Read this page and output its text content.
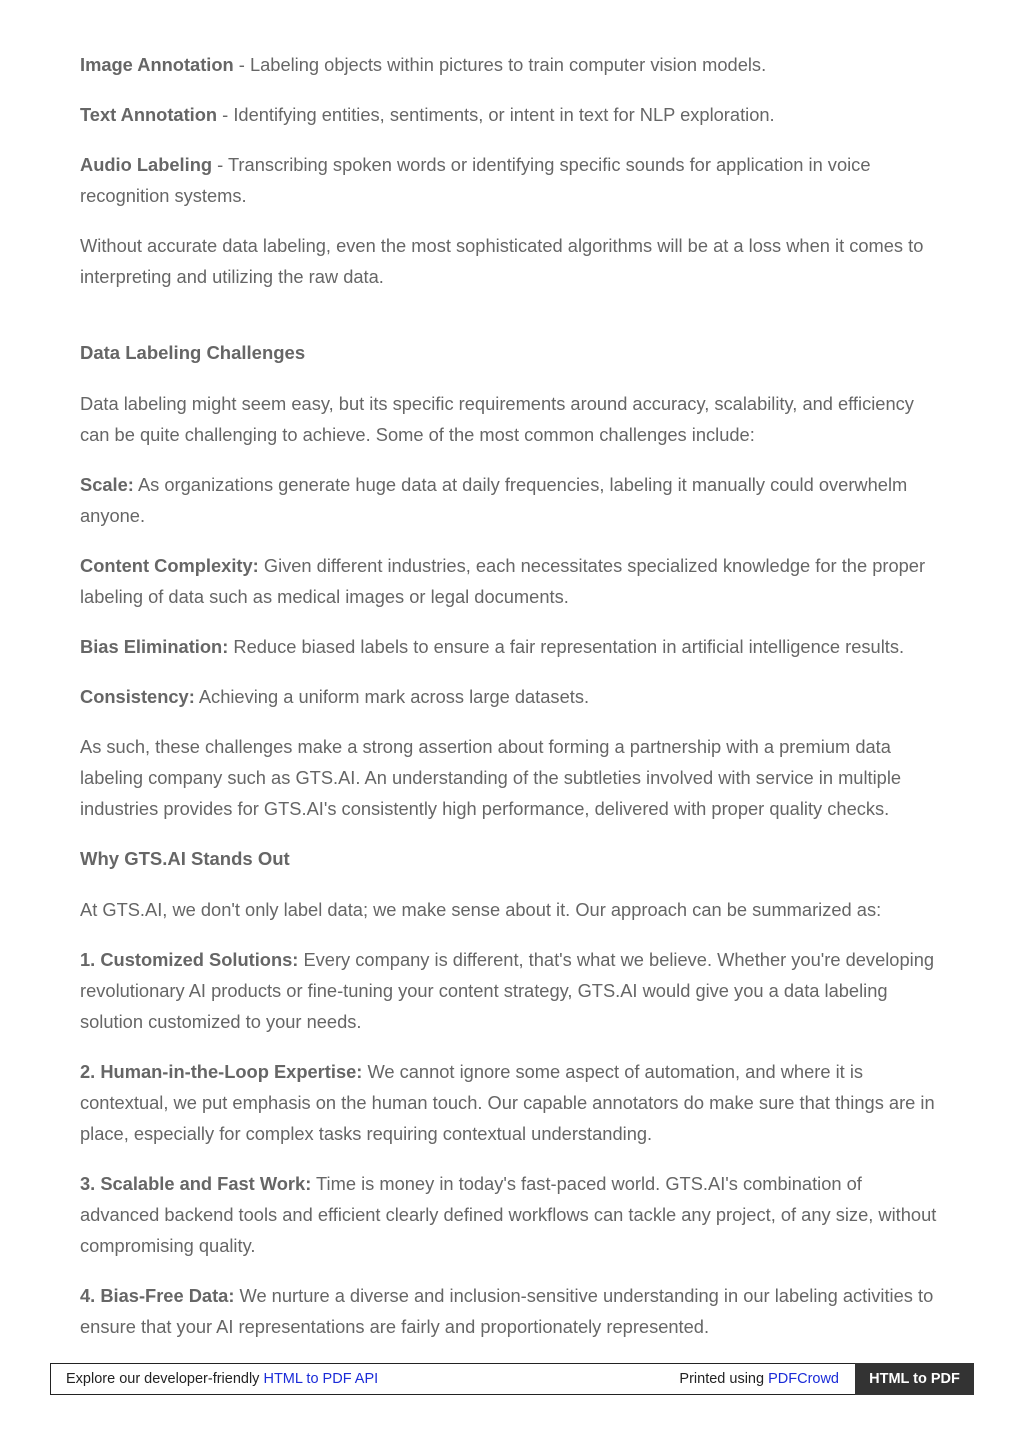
Image Annotation - Labeling objects within pictures to train computer vision models.

Text Annotation - Identifying entities, sentiments, or intent in text for NLP exploration.

Audio Labeling - Transcribing spoken words or identifying specific sounds for application in voice recognition systems.

Without accurate data labeling, even the most sophisticated algorithms will be at a loss when it comes to interpreting and utilizing the raw data.

Data Labeling Challenges

Data labeling might seem easy, but its specific requirements around accuracy, scalability, and efficiency can be quite challenging to achieve. Some of the most common challenges include:

Scale: As organizations generate huge data at daily frequencies, labeling it manually could overwhelm anyone.

Content Complexity: Given different industries, each necessitates specialized knowledge for the proper labeling of data such as medical images or legal documents.

Bias Elimination: Reduce biased labels to ensure a fair representation in artificial intelligence results.

Consistency: Achieving a uniform mark across large datasets.

As such, these challenges make a strong assertion about forming a partnership with a premium data labeling company such as GTS.AI. An understanding of the subtleties involved with service in multiple industries provides for GTS.AI's consistently high performance, delivered with proper quality checks.

Why GTS.AI Stands Out

At GTS.AI, we don't only label data; we make sense about it. Our approach can be summarized as:

1. Customized Solutions: Every company is different, that's what we believe. Whether you're developing revolutionary AI products or fine-tuning your content strategy, GTS.AI would give you a data labeling solution customized to your needs.

2. Human-in-the-Loop Expertise: We cannot ignore some aspect of automation, and where it is contextual, we put emphasis on the human touch. Our capable annotators do make sure that things are in place, especially for complex tasks requiring contextual understanding.

3. Scalable and Fast Work: Time is money in today's fast-paced world. GTS.AI's combination of advanced backend tools and efficient clearly defined workflows can tackle any project, of any size, without compromising quality.

4. Bias-Free Data: We nurture a diverse and inclusion-sensitive understanding in our labeling activities to ensure that your AI representations are fairly and proportionately represented.

Explore our developer-friendly HTML to PDF API	Printed using PDFCrowd	HTML to PDF
